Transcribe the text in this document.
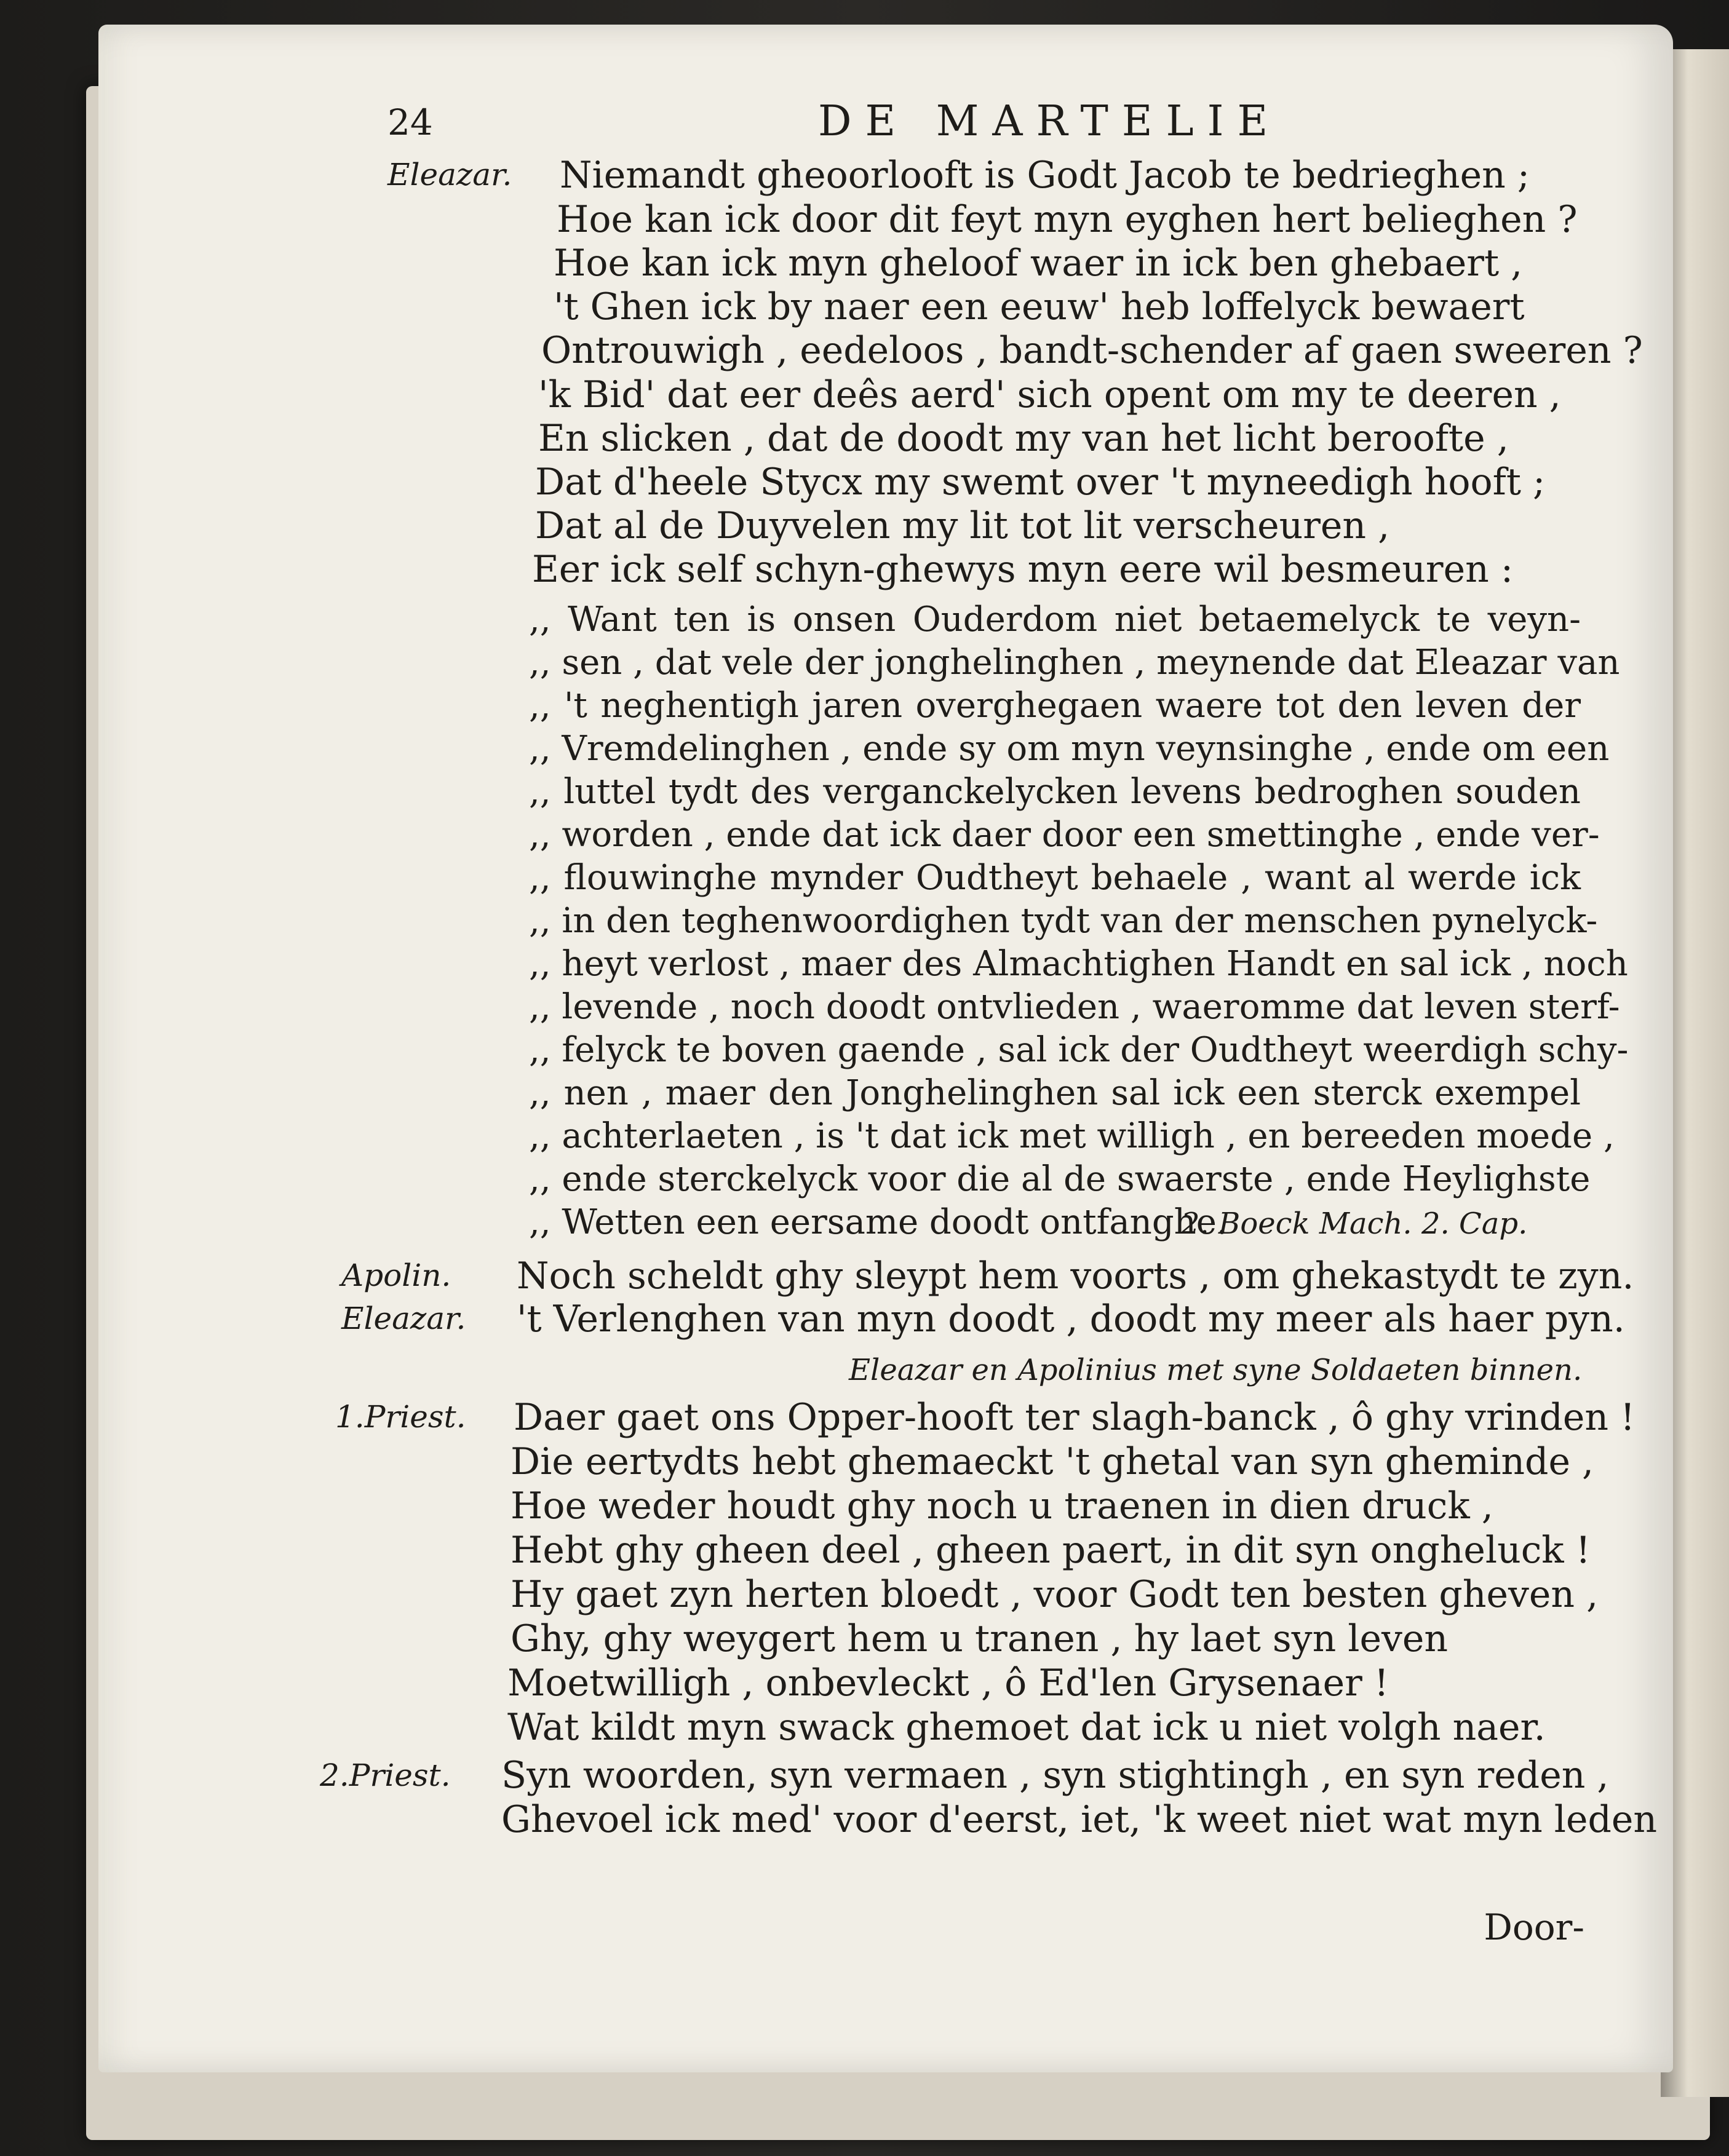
24	DE MARTELIE
Eleazar. Niemandt gheoorlooft is Godt Jacob te bedrieghen ;
Hoe kan ick door dit feyt myn eyghen hert belieghen ?
Hoe kan ick myn gheloof waer in ick ben ghebaert ,
't Ghen ick by naer een eeuw' heb loffelyck bewaert
Ontrouwigh , eedeloos , bandt-schender af gaen sweeren ?
'k Bid' dat eer deês aerd' sich opent om my te deeren ,
En slicken , dat de doodt my van het licht beroofte ,
Dat d'heele Stycx my swemt over 't myneedigh hooft ;
Dat al de Duyvelen my lit tot lit verscheuren ,
Eer ick self schyn-ghewys myn eere wil besmeuren :
,, Want ten is onsen Ouderdom niet betaemelyck te veyn-
,, sen , dat vele der jonghelinghen , meynende dat Eleazar van
,, 't neghentigh jaren overghegaen waere tot den leven der
,, Vremdelinghen , ende sy om myn veynsinghe , ende om een
,, luttel tydt des verganckelycken levens bedroghen souden
,, worden , ende dat ick daer door een smettinghe , ende ver-
,, flouwinghe mynder Oudtheyt behaele , want al werde ick
,, in den teghenwoordighen tydt van der menschen pynelyck-
,, heyt verlost , maer des Almachtighen Handt en sal ick , noch
,, levende , noch doodt ontvlieden , waeromme dat leven sterf-
,, felyck te boven gaende , sal ick der Oudtheyt weerdigh schy-
,, nen , maer den Jonghelinghen sal ick een sterck exempel
,, achterlaeten , is 't dat ick met willigh , en bereeden moede ,
,, ende sterckelyck voor die al de swaerste , ende Heylighste
,, Wetten een eersame doodt ontfanghe.
2. Boeck Mach. 2. Cap.
Apolin. Noch scheldt ghy sleypt hem voorts , om ghekastydt te zyn.
Eleazar. 't Verlenghen van myn doodt , doodt my meer als haer pyn.
Eleazar en Apolinius met syne Soldaeten binnen.
1.Priest. Daer gaet ons Opper-hooft ter slagh-banck , ô ghy vrinden !
Die eertydts hebt ghemaeckt 't ghetal van syn gheminde ,
Hoe weder houdt ghy noch u traenen in dien druck ,
Hebt ghy gheen deel , gheen paert, in dit syn ongheluck !
Hy gaet zyn herten bloedt , voor Godt ten besten gheven ,
Ghy, ghy weygert hem u tranen , hy laet syn leven
Moetwilligh , onbevleckt , ô Ed'len Grysenaer !
Wat kildt myn swack ghemoet dat ick u niet volgh naer.
2.Priest. Syn woorden, syn vermaen , syn stightingh , en syn reden ,
Ghevoel ick med' voor d'eerst, iet, 'k weet niet wat myn leden
Door-
